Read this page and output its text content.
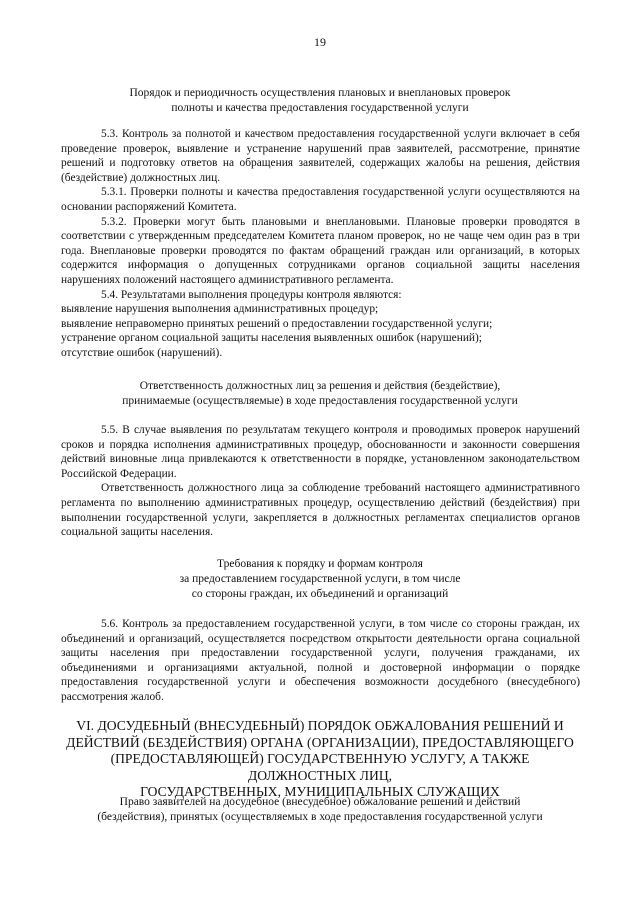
19
Порядок и периодичность осуществления плановых и внеплановых проверок
полноты и качества предоставления государственной услуги

5.3. Контроль за полнотой и качеством предоставления государственной услуги включает в себя проведение проверок, выявление и устранение нарушений прав заявителей, рассмотрение, принятие решений и подготовку ответов на обращения заявителей, содержащих жалобы на решения, действия (бездействие) должностных лиц.

5.3.1. Проверки полноты и качества предоставления государственной услуги осуществляются на основании распоряжений Комитета.

5.3.2. Проверки могут быть плановыми и внеплановыми. Плановые проверки проводятся в соответствии с утвержденным председателем Комитета планом проверок, но не чаще чем один раз в три года. Внеплановые проверки проводятся по фактам обращений граждан или организаций, в которых содержится информация о допущенных сотрудниками органов социальной защиты населения нарушениях положений настоящего административного регламента.

5.4. Результатами выполнения процедуры контроля являются:

выявление нарушения выполнения административных процедур;

выявление неправомерно принятых решений о предоставлении государственной услуги;

устранение органом социальной защиты населения выявленных ошибок (нарушений);

отсутствие ошибок (нарушений).

Ответственность должностных лиц за решения и действия (бездействие),
принимаемые (осуществляемые) в ходе предоставления государственной услуги

5.5. В случае выявления по результатам текущего контроля и проводимых проверок нарушений сроков и порядка исполнения административных процедур, обоснованности и законности совершения действий виновные лица привлекаются к ответственности в порядке, установленном законодательством Российской Федерации.

Ответственность должностного лица за соблюдение требований настоящего административного регламента по выполнению административных процедур, осуществлению действий (бездействия) при выполнении государственной услуги, закрепляется в должностных регламентах специалистов органов социальной защиты населения.

Требования к порядку и формам контроля
за предоставлением государственной услуги, в том числе
со стороны граждан, их объединений и организаций

5.6. Контроль за предоставлением государственной услуги, в том числе со стороны граждан, их объединений и организаций, осуществляется посредством открытости деятельности органа социальной защиты населения при предоставлении государственной услуги, получения гражданами, их объединениями и организациями актуальной, полной и достоверной информации о порядке предоставления государственной услуги и обеспечения возможности досудебного (внесудебного) рассмотрения жалоб.

VI. ДОСУДЕБНЫЙ (ВНЕСУДЕБНЫЙ) ПОРЯДОК ОБЖАЛОВАНИЯ РЕШЕНИЙ И
ДЕЙСТВИЙ (БЕЗДЕЙСТВИЯ) ОРГАНА (ОРГАНИЗАЦИИ), ПРЕДОСТАВЛЯЮЩЕГО
(ПРЕДОСТАВЛЯЮЩЕЙ) ГОСУДАРСТВЕННУЮ УСЛУГУ, А ТАКЖЕ ДОЛЖНОСТНЫХ ЛИЦ,
ГОСУДАРСТВЕННЫХ, МУНИЦИПАЛЬНЫХ СЛУЖАЩИХ
Право заявителей на досудебное (внесудебное) обжалование решений и действий
(бездействия), принятых (осуществляемых в ходе предоставления государственной услуги
